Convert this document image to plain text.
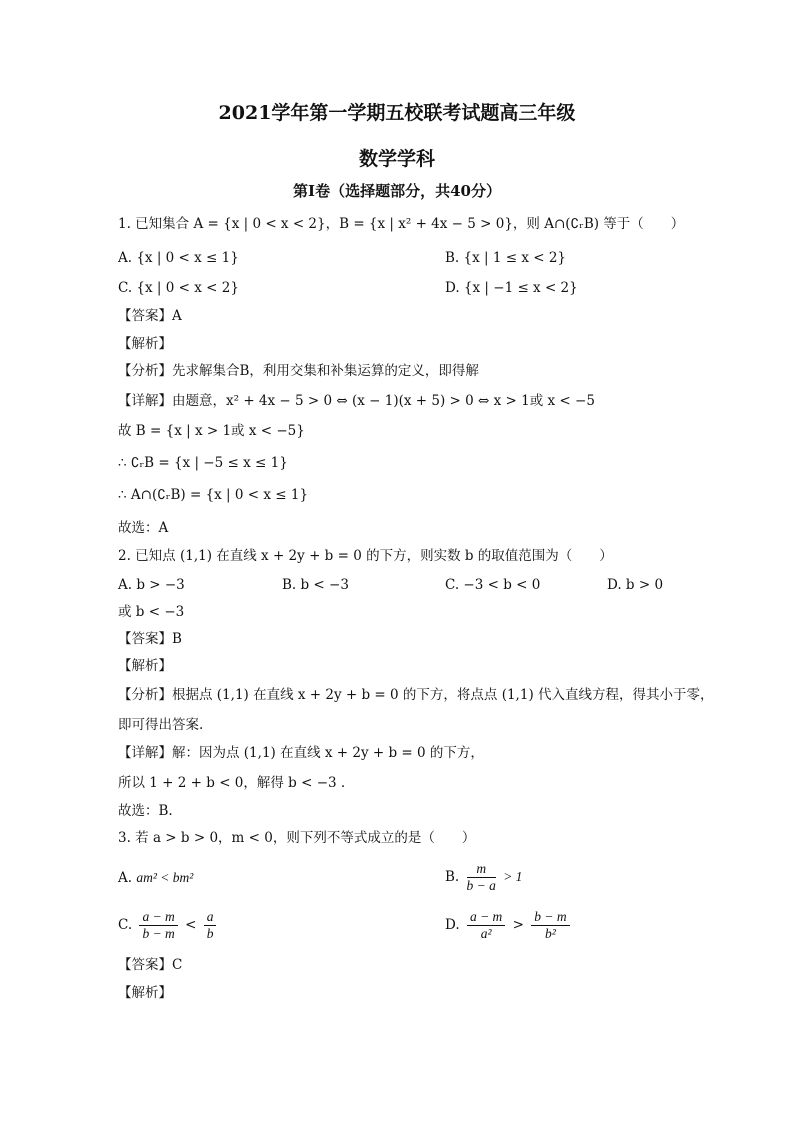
2021学年第一学期五校联考试题高三年级
数学学科
第I卷（选择题部分，共40分）
1. 已知集合 A = {x | 0 < x < 2}，B = {x | x² + 4x − 5 > 0}，则 A∩(∁ᵣB) 等于（　　）
A. {x | 0 < x ≤ 1}	B. {x | 1 ≤ x < 2}
C. {x | 0 < x < 2}	D. {x | −1 ≤ x < 2}
【答案】A
【解析】
【分析】先求解集合B，利用交集和补集运算的定义，即得解
【详解】由题意，x² + 4x − 5 > 0 ⇔ (x − 1)(x + 5) > 0 ⇔ x > 1或 x < −5
故 B = {x | x > 1或 x < −5}
∴ ∁ᵣB = {x | −5 ≤ x ≤ 1}
∴ A∩(∁ᵣB) = {x | 0 < x ≤ 1}
故选：A
2. 已知点 (1,1) 在直线 x + 2y + b = 0 的下方，则实数 b 的取值范围为（　　）
A. b > −3	B. b < −3	C. −3 < b < 0	D. b > 0
或 b < −3
【答案】B
【解析】
【分析】根据点 (1,1) 在直线 x + 2y + b = 0 的下方，将点点 (1,1) 代入直线方程，得其小于零，
即可得出答案.
【详解】解：因为点 (1,1) 在直线 x + 2y + b = 0 的下方，
所以 1 + 2 + b < 0，解得 b < −3 .
故选：B.
3. 若 a > b > 0，m < 0，则下列不等式成立的是（　　）
A. am² < bm²	B. $\frac{m}{b - a} > 1$
C. $\frac{a - m}{b - m} < \frac{a}{b}$	D. $\frac{a - m}{\text{a²}} > \frac{b - m}{\text{b²}}$
【答案】C
【解析】
